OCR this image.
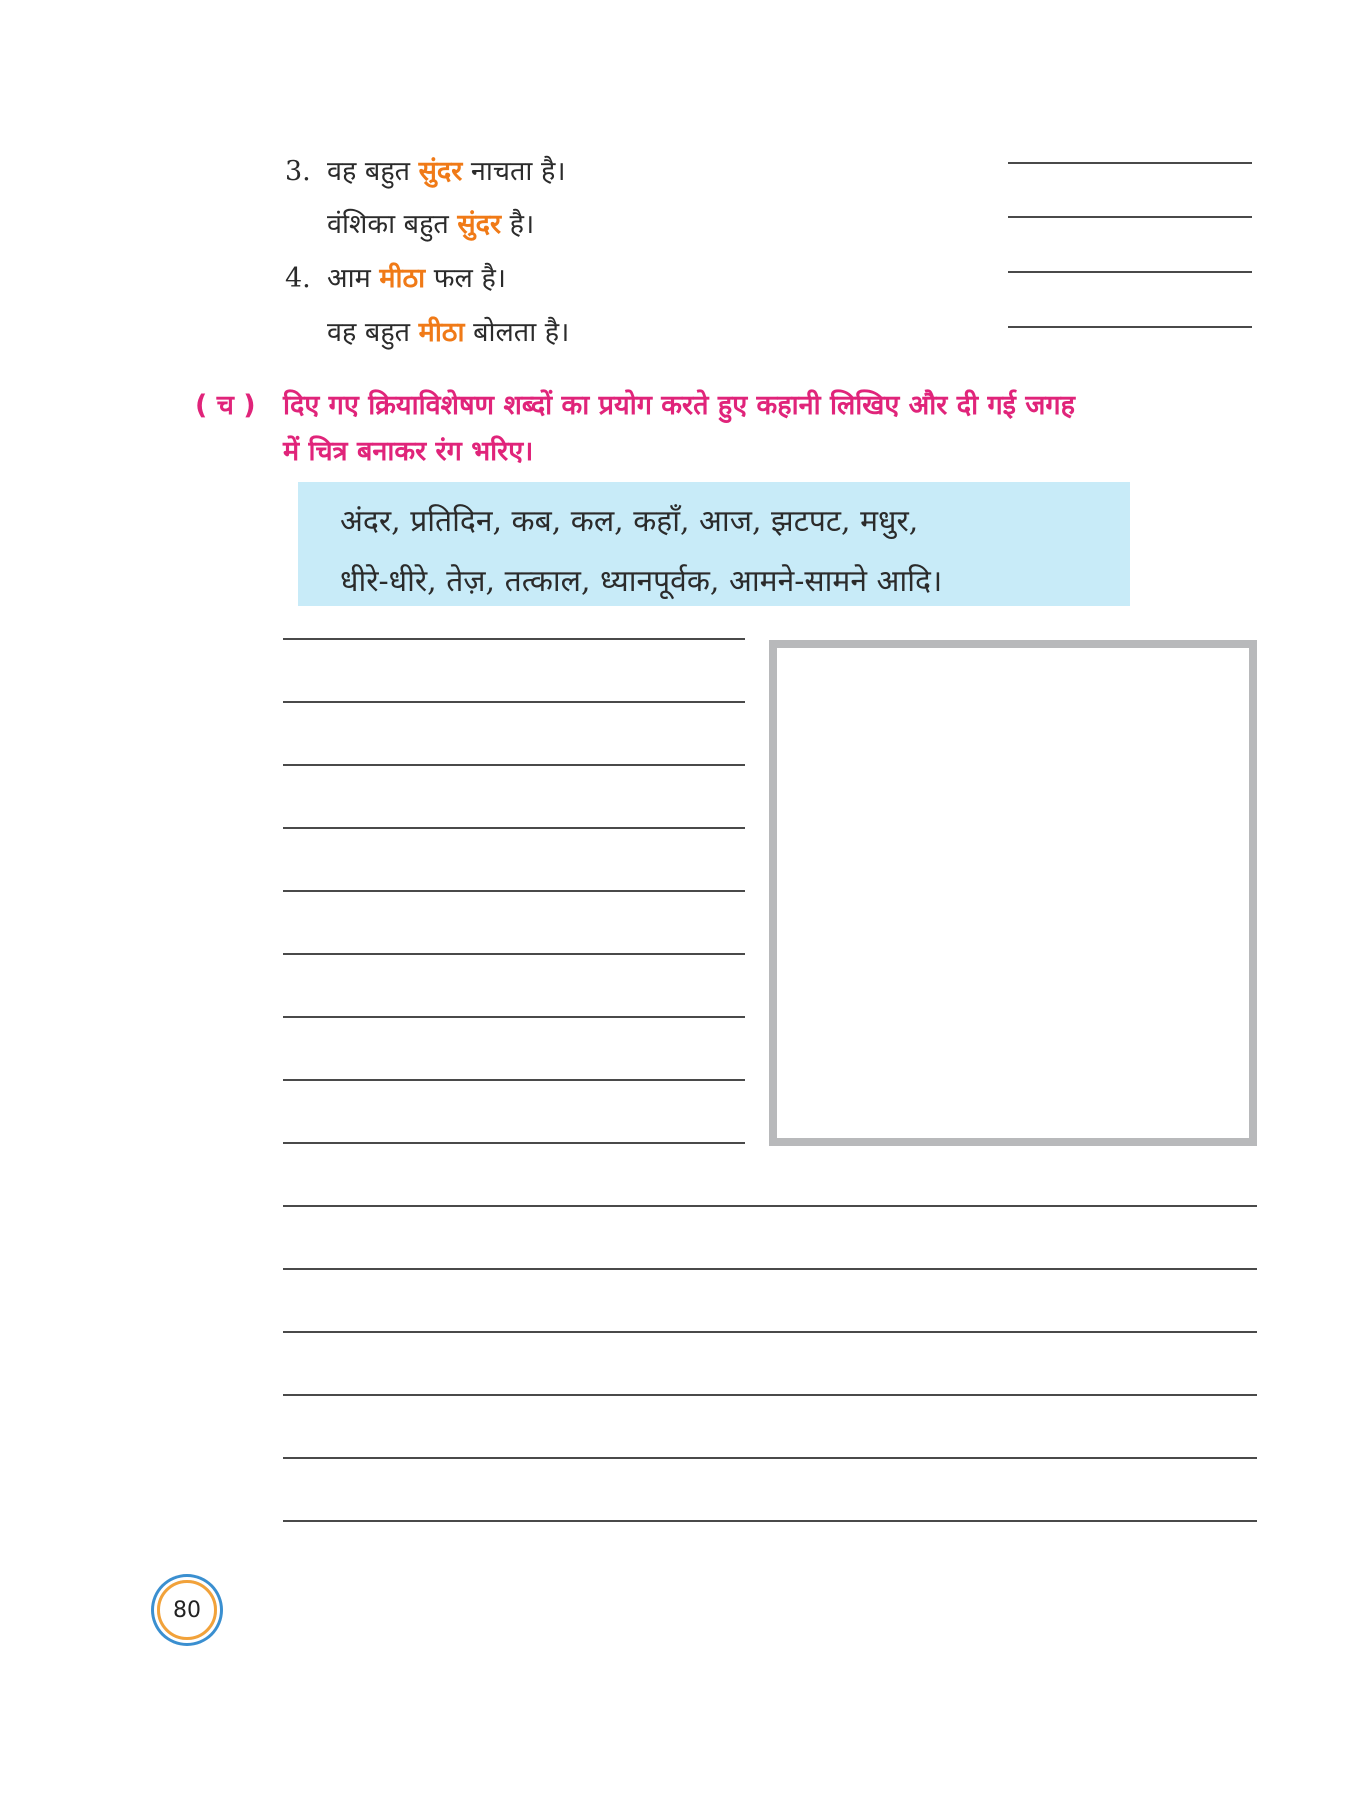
3. वह बहुत सुंदर नाचता है।
वंशिका बहुत सुंदर है।
4. आम मीठा फल है।
वह बहुत मीठा बोलता है।
( च ) दिए गए क्रियाविशेषण शब्दों का प्रयोग करते हुए कहानी लिखिए और दी गई जगह
में चित्र बनाकर रंग भरिए।
अंदर, प्रतिदिन, कब, कल, कहाँ, आज, झटपट, मधुर,
धीरे-धीरे, तेज़, तत्काल, ध्यानपूर्वक, आमने-सामने आदि।
80
